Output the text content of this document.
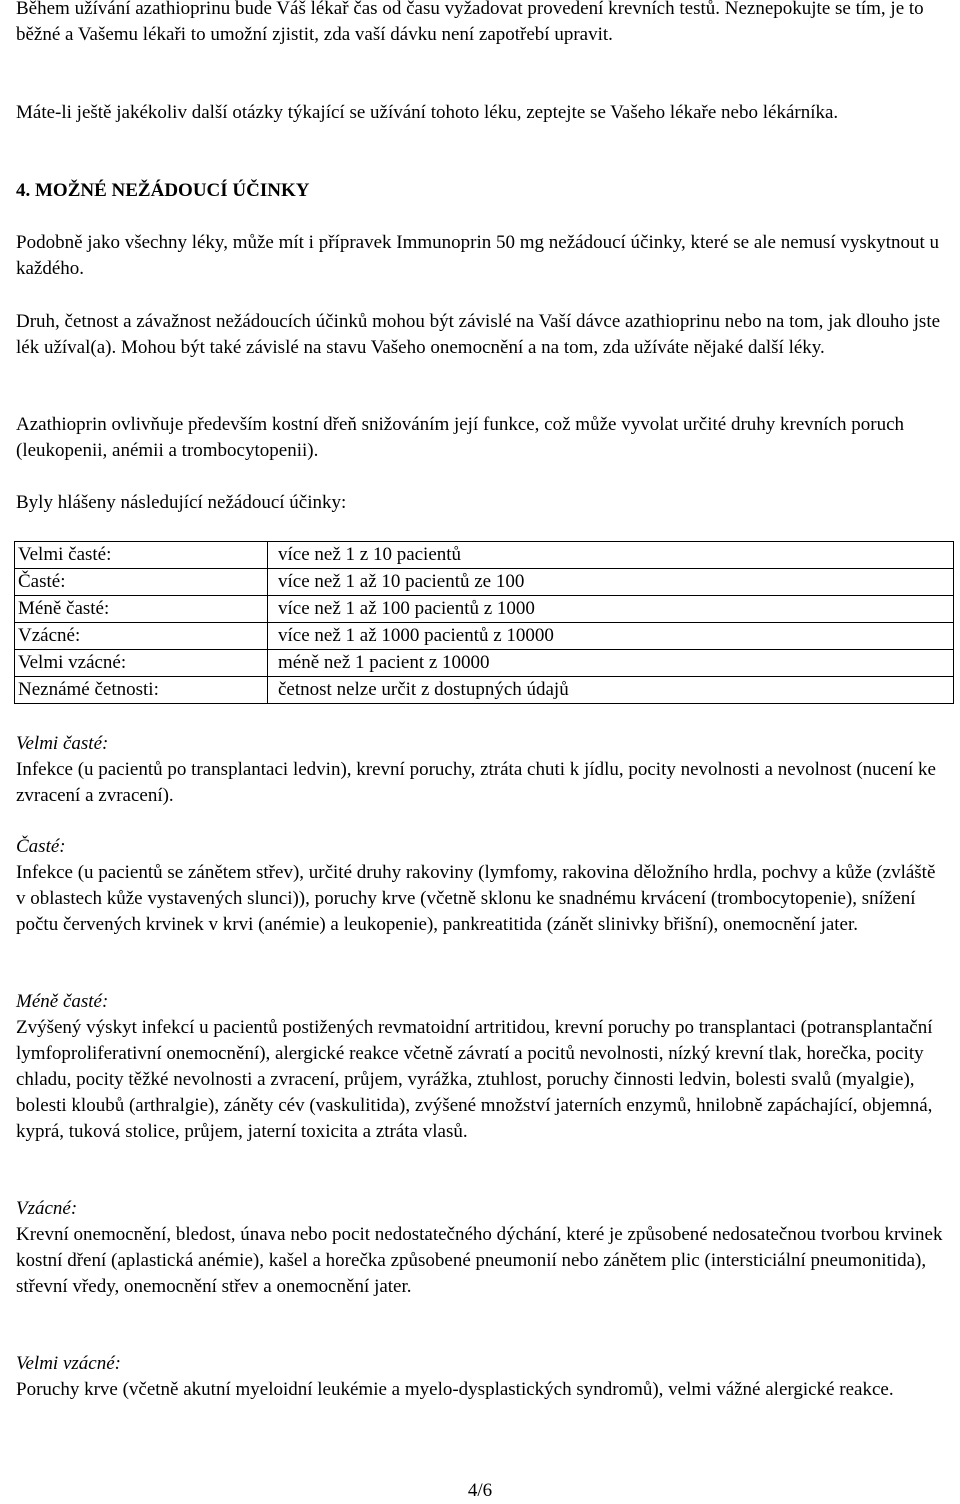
Během užívání azathioprinu bude Váš lékař čas od času vyžadovat provedení krevních testů. Neznepokujte se tím, je to běžné a Vašemu lékaři to umožní zjistit, zda vaší dávku není zapotřebí upravit.

Máte-li ještě jakékoliv další otázky týkající se užívání tohoto léku, zeptejte se Vašeho lékaře nebo lékárníka.

4. MOŽNÉ NEŽÁDOUCÍ ÚČINKY

Podobně jako všechny léky, může mít i přípravek Immunoprin 50 mg nežádoucí účinky, které se ale nemusí vyskytnout u každého.

Druh, četnost a závažnost nežádoucích účinků mohou být závislé na Vaší dávce azathioprinu nebo na tom, jak dlouho jste lék užíval(a). Mohou být také závislé na stavu Vašeho onemocnění a na tom, zda užíváte nějaké další léky.

Azathioprin ovlivňuje především kostní dřeň snižováním její funkce, což může vyvolat určité druhy krevních poruch (leukopenii, anémii a trombocytopenii).

Byly hlášeny následující nežádoucí účinky:

Velmi časté:	více než 1 z 10 pacientů
Časté:	více než 1 až 10 pacientů ze 100
Méně časté:	více než 1 až 100 pacientů z 1000
Vzácné:	více než 1 až 1000 pacientů z 10000
Velmi vzácné:	méně než 1 pacient z 10000
Neznámé četnosti:	četnost nelze určit z dostupných údajů

Velmi časté:

Infekce (u pacientů po transplantaci ledvin), krevní poruchy, ztráta chuti k jídlu, pocity nevolnosti a nevolnost (nucení ke zvracení a zvracení).

Časté:

Infekce (u pacientů se zánětem střev), určité druhy rakoviny (lymfomy, rakovina děložního hrdla, pochvy a kůže (zvláště v oblastech kůže vystavených slunci)), poruchy krve (včetně sklonu ke snadnému krvácení (trombocytopenie), snížení počtu červených krvinek v krvi (anémie) a leukopenie), pankreatitida (zánět slinivky břišní), onemocnění jater.

Méně časté:

Zvýšený výskyt infekcí u pacientů postižených revmatoidní artritidou, krevní poruchy po transplantaci (potransplantační lymfoproliferativní onemocnění), alergické reakce včetně závratí a pocitů nevolnosti, nízký krevní tlak, horečka, pocity chladu, pocity těžké nevolnosti a zvracení, průjem, vyrážka, ztuhlost, poruchy činnosti ledvin, bolesti svalů (myalgie), bolesti kloubů (arthralgie), záněty cév (vaskulitida), zvýšené množství jaterních enzymů, hnilobně zapáchající, objemná, kyprá, tuková stolice, průjem, jaterní toxicita a ztráta vlasů.

Vzácné:

Krevní onemocnění, bledost, únava nebo pocit nedostatečného dýchání, které je způsobené nedosatečnou tvorbou krvinek kostní dření (aplastická anémie), kašel a horečka způsobené pneumonií nebo zánětem plic (intersticiální pneumonitida), střevní vředy, onemocnění střev a onemocnění jater.

Velmi vzácné:

Poruchy krve (včetně akutní myeloidní leukémie a myelo-dysplastických syndromů), velmi vážné alergické reakce.

4/6
